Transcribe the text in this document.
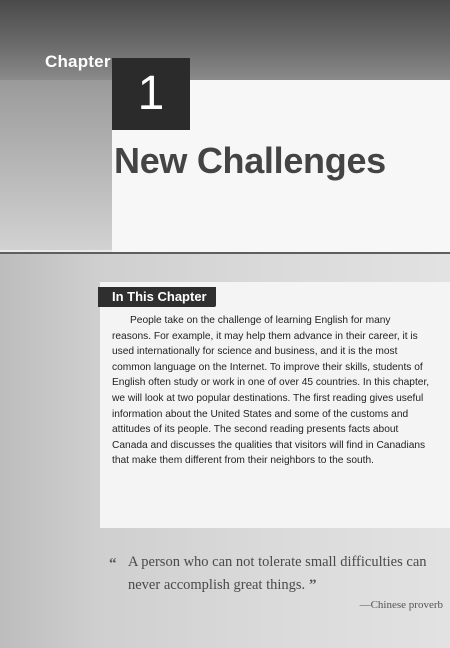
Chapter
1
New Challenges
In This Chapter

People take on the challenge of learning English for many reasons. For example, it may help them advance in their career, it is used internationally for science and business, and it is the most common language on the Internet. To improve their skills, students of English often study or work in one of over 45 countries. In this chapter, we will look at two popular destinations. The first reading gives useful information about the United States and some of the customs and attitudes of its people. The second reading presents facts about Canada and discusses the qualities that visitors will find in Canadians that make them different from their neighbors to the south.

“ A person who can not tolerate small difficulties can
never accomplish great things. ”
—Chinese proverb
